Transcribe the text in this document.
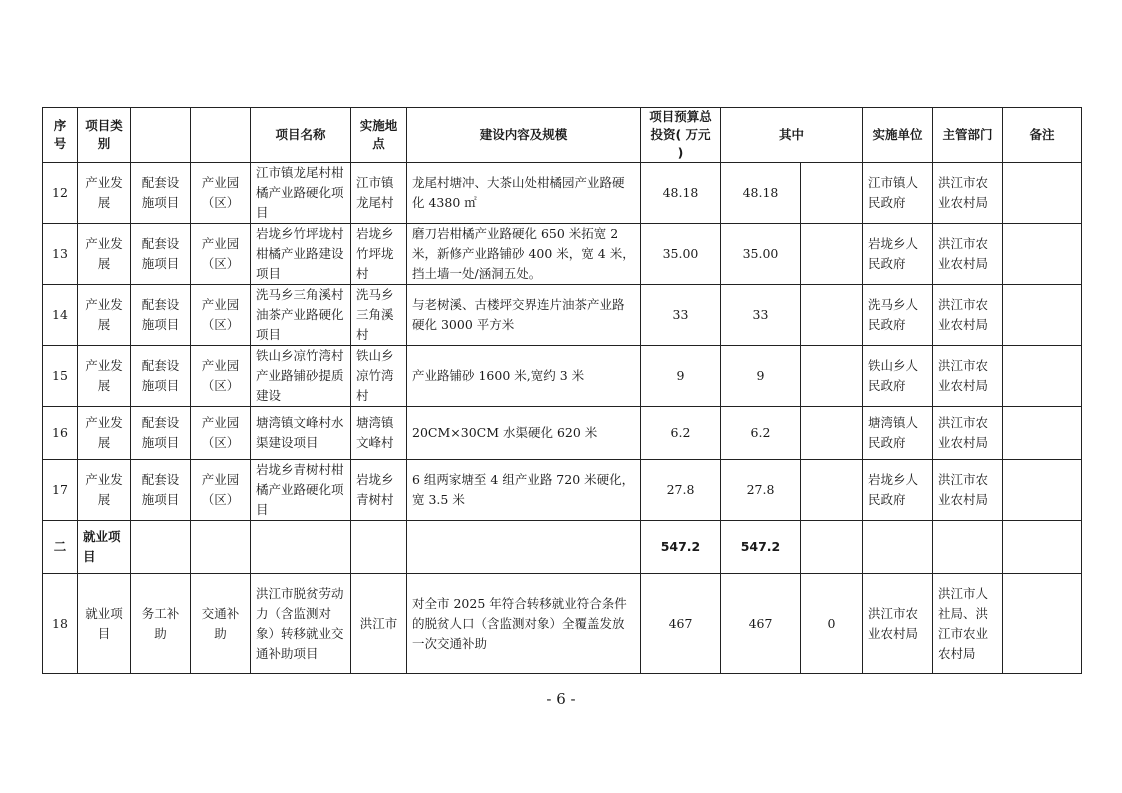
序号	项目类别			项目名称	实施地点	建设内容及规模	项目预算总投资( 万元 )	其中		实施单位	主管部门	备注
12	产业发展	配套设施项目	产业园（区）	江市镇龙尾村柑橘产业路硬化项目	江市镇龙尾村	龙尾村塘冲、大茶山处柑橘园产业路硬化 4380 ㎡	48.18	48.18		江市镇人民政府	洪江市农业农村局	
13	产业发展	配套设施项目	产业园（区）	岩垅乡竹坪垅村柑橘产业路建设项目	岩垅乡竹坪垅村	磨刀岩柑橘产业路硬化 650 米拓宽 2 米，新修产业路铺砂 400 米，宽 4 米，挡土墙一处/涵洞五处。	35.00	35.00		岩垅乡人民政府	洪江市农业农村局	
14	产业发展	配套设施项目	产业园（区）	洗马乡三角溪村油茶产业路硬化项目	洗马乡三角溪村	与老树溪、古楼坪交界连片油茶产业路硬化 3000 平方米	33	33		洗马乡人民政府	洪江市农业农村局	
15	产业发展	配套设施项目	产业园（区）	铁山乡凉竹湾村产业路铺砂提质建设	铁山乡凉竹湾村	产业路铺砂 1600 米,宽约 3 米	9	9		铁山乡人民政府	洪江市农业农村局	
16	产业发展	配套设施项目	产业园（区）	塘湾镇文峰村水渠建设项目	塘湾镇文峰村	20CM×30CM 水渠硬化 620 米	6.2	6.2		塘湾镇人民政府	洪江市农业农村局	
17	产业发展	配套设施项目	产业园（区）	岩垅乡青树村柑橘产业路硬化项目	岩垅乡青树村	6 组两家塘至 4 组产业路 720 米硬化，宽 3.5 米	27.8	27.8		岩垅乡人民政府	洪江市农业农村局	
二	就业项目						547.2	547.2				
18	就业项目	务工补助	交通补助	洪江市脱贫劳动力（含监测对象）转移就业交通补助项目	洪江市	对全市 2025 年符合转移就业符合条件的脱贫人口（含监测对象）全覆盖发放一次交通补助	467	467	0	洪江市农业农村局	洪江市人社局、洪江市农业农村局	
- 6 -
